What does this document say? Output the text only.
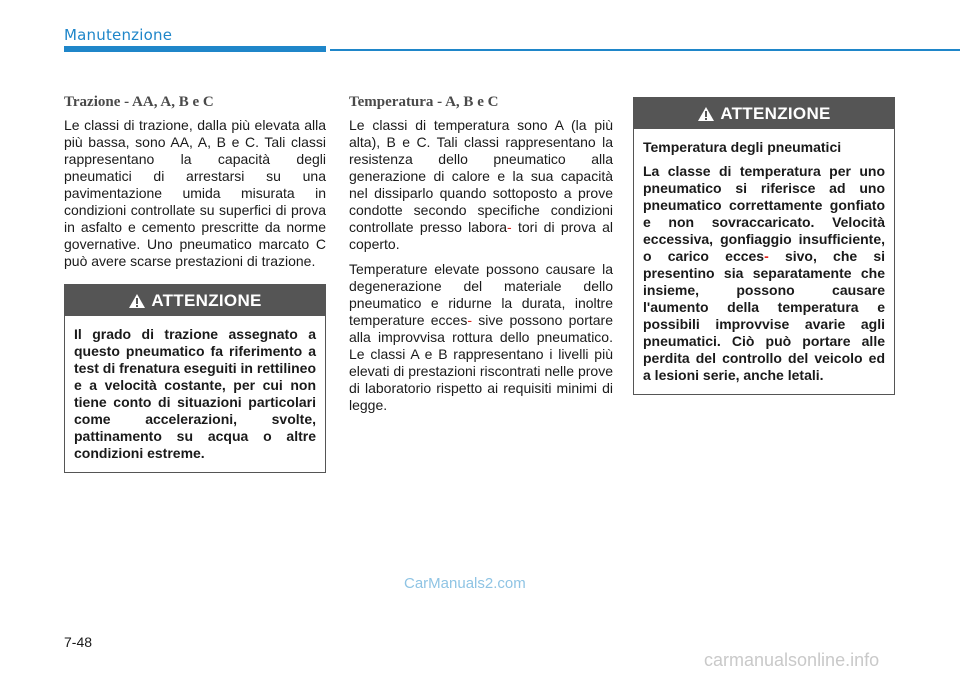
Manutenzione
Trazione - AA, A, B e C

Le classi di trazione, dalla più elevata alla più bassa, sono AA, A, B e C. Tali classi rappresentano la capacità degli pneumatici di arrestarsi su una pavimentazione umida misurata in condizioni controllate su superfici di prova in asfalto e cemento prescritte da norme governative. Uno pneumatico marcato C può avere scarse prestazioni di trazione.

ATTENZIONE

Il grado di trazione assegnato a questo pneumatico fa riferimento a test di frenatura eseguiti in rettilineo e a velocità costante, per cui non tiene conto di situazioni particolari come accelerazioni, svolte, pattinamento su acqua o altre condizioni estreme.

Temperatura - A, B e C

Le classi di temperatura sono A (la più alta), B e C. Tali classi rappresentano la resistenza dello pneumatico alla generazione di calore e la sua capacità nel dissiparlo quando sottoposto a prove condotte secondo specifiche condizioni controllate presso labora- tori di prova al coperto.

Temperature elevate possono causare la degenerazione del materiale dello pneumatico e ridurne la durata, inoltre temperature ecces- sive possono portare alla improvvisa rottura dello pneumatico. Le classi A e B rappresentano i livelli più elevati di prestazioni riscontrati nelle prove di laboratorio rispetto ai requisiti minimi di legge.

ATTENZIONE

Temperatura degli pneumatici

La classe di temperatura per uno pneumatico si riferisce ad uno pneumatico correttamente gonfiato e non sovraccaricato. Velocità eccessiva, gonfiaggio insufficiente, o carico ecces- sivo, che si presentino sia separatamente che insieme, possono causare l'aumento della temperatura e possibili improvvise avarie agli pneumatici. Ciò può portare alle perdita del controllo del veicolo ed a lesioni serie, anche letali.

CarManuals2.com
7-48
carmanualsonline.info
